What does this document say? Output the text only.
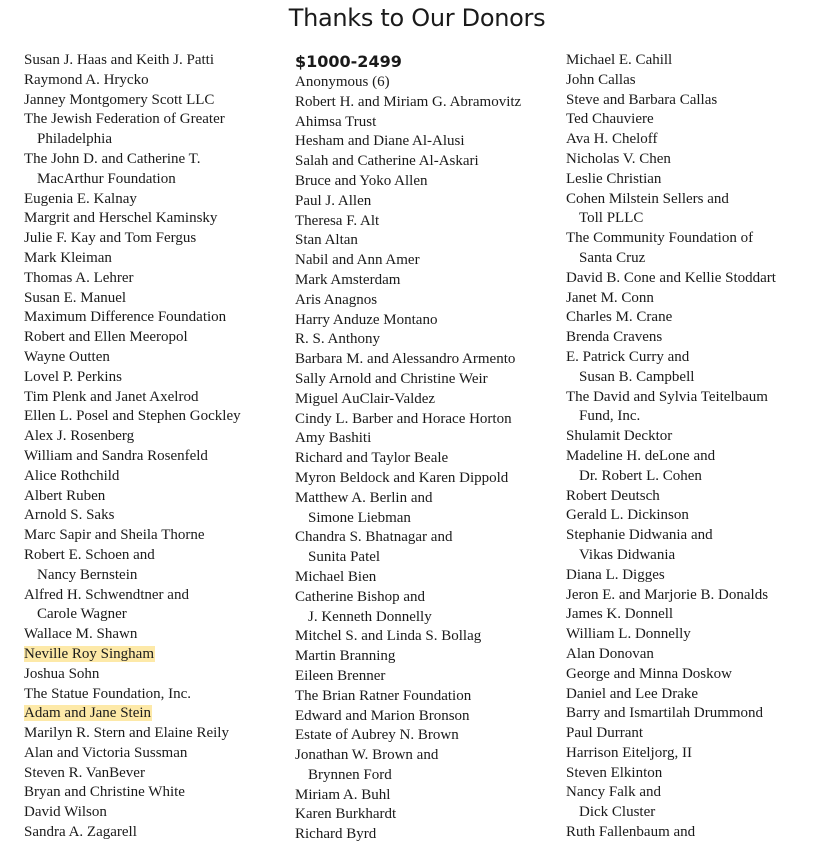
Thanks to Our Donors
Susan J. Haas and Keith J. Patti
Raymond A. Hrycko
Janney Montgomery Scott LLC
The Jewish Federation of Greater
Philadelphia
The John D. and Catherine T.
MacArthur Foundation
Eugenia E. Kalnay
Margrit and Herschel Kaminsky
Julie F. Kay and Tom Fergus
Mark Kleiman
Thomas A. Lehrer
Susan E. Manuel
Maximum Difference Foundation
Robert and Ellen Meeropol
Wayne Outten
Lovel P. Perkins
Tim Plenk and Janet Axelrod
Ellen L. Posel and Stephen Gockley
Alex J. Rosenberg
William and Sandra Rosenfeld
Alice Rothchild
Albert Ruben
Arnold S. Saks
Marc Sapir and Sheila Thorne
Robert E. Schoen and
Nancy Bernstein
Alfred H. Schwendtner and
Carole Wagner
Wallace M. Shawn
Neville Roy Singham
Joshua Sohn
The Statue Foundation, Inc.
Adam and Jane Stein
Marilyn R. Stern and Elaine Reily
Alan and Victoria Sussman
Steven R. VanBever
Bryan and Christine White
David Wilson
Sandra A. Zagarell
$1000-2499
Anonymous (6)
Robert H. and Miriam G. Abramovitz
Ahimsa Trust
Hesham and Diane Al-Alusi
Salah and Catherine Al-Askari
Bruce and Yoko Allen
Paul J. Allen
Theresa F. Alt
Stan Altan
Nabil and Ann Amer
Mark Amsterdam
Aris Anagnos
Harry Anduze Montano
R. S. Anthony
Barbara M. and Alessandro Armento
Sally Arnold and Christine Weir
Miguel AuClair-Valdez
Cindy L. Barber and Horace Horton
Amy Bashiti
Richard and Taylor Beale
Myron Beldock and Karen Dippold
Matthew A. Berlin and
Simone Liebman
Chandra S. Bhatnagar and
Sunita Patel
Michael Bien
Catherine Bishop and
J. Kenneth Donnelly
Mitchel S. and Linda S. Bollag
Martin Branning
Eileen Brenner
The Brian Ratner Foundation
Edward and Marion Bronson
Estate of Aubrey N. Brown
Jonathan W. Brown and
Brynnen Ford
Miriam A. Buhl
Karen Burkhardt
Richard Byrd
Michael E. Cahill
John Callas
Steve and Barbara Callas
Ted Chauviere
Ava H. Cheloff
Nicholas V. Chen
Leslie Christian
Cohen Milstein Sellers and
Toll PLLC
The Community Foundation of
Santa Cruz
David B. Cone and Kellie Stoddart
Janet M. Conn
Charles M. Crane
Brenda Cravens
E. Patrick Curry and
Susan B. Campbell
The David and Sylvia Teitelbaum
Fund, Inc.
Shulamit Decktor
Madeline H. deLone and
Dr. Robert L. Cohen
Robert Deutsch
Gerald L. Dickinson
Stephanie Didwania and
Vikas Didwania
Diana L. Digges
Jeron E. and Marjorie B. Donalds
James K. Donnell
William L. Donnelly
Alan Donovan
George and Minna Doskow
Daniel and Lee Drake
Barry and Ismartilah Drummond
Paul Durrant
Harrison Eiteljorg, II
Steven Elkinton
Nancy Falk and
Dick Cluster
Ruth Fallenbaum and
